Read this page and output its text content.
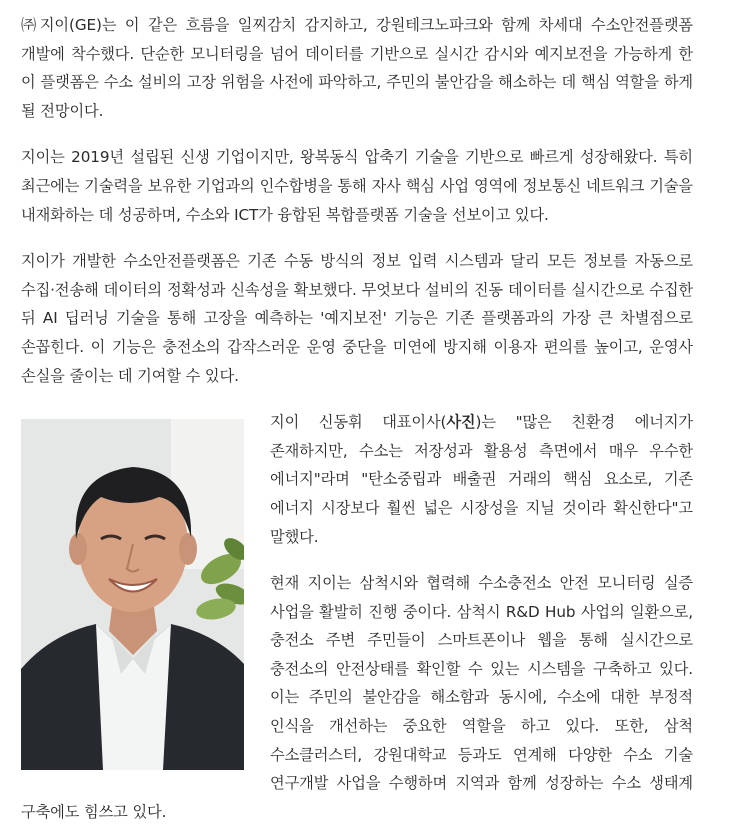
㈜지이(GE)는 이 같은 흐름을 일찌감치 감지하고, 강원테크노파크와 함께 차세대 수소안전플랫폼 개발에 착수했다. 단순한 모니터링을 넘어 데이터를 기반으로 실시간 감시와 예지보전을 가능하게 한 이 플랫폼은 수소 설비의 고장 위험을 사전에 파악하고, 주민의 불안감을 해소하는 데 핵심 역할을 하게 될 전망이다.

지이는 2019년 설립된 신생 기업이지만, 왕복동식 압축기 기술을 기반으로 빠르게 성장해왔다. 특히 최근에는 기술력을 보유한 기업과의 인수합병을 통해 자사 핵심 사업 영역에 정보통신 네트워크 기술을 내재화하는 데 성공하며, 수소와 ICT가 융합된 복합플랫폼 기술을 선보이고 있다.

지이가 개발한 수소안전플랫폼은 기존 수동 방식의 정보 입력 시스템과 달리 모든 정보를 자동으로 수집·전송해 데이터의 정확성과 신속성을 확보했다. 무엇보다 설비의 진동 데이터를 실시간으로 수집한 뒤 AI 딥러닝 기술을 통해 고장을 예측하는 '예지보전' 기능은 기존 플랫폼과의 가장 큰 차별점으로 손꼽힌다. 이 기능은 충전소의 갑작스러운 운영 중단을 미연에 방지해 이용자 편의를 높이고, 운영사 손실을 줄이는 데 기여할 수 있다.

지이 신동휘 대표이사(사진)는 "많은 친환경 에너지가 존재하지만, 수소는 저장성과 활용성 측면에서 매우 우수한 에너지"라며 "탄소중립과 배출권 거래의 핵심 요소로, 기존 에너지 시장보다 훨씬 넓은 시장성을 지닐 것이라 확신한다"고 말했다.

현재 지이는 삼척시와 협력해 수소충전소 안전 모니터링 실증 사업을 활발히 진행 중이다. 삼척시 R&D Hub 사업의 일환으로, 충전소 주변 주민들이 스마트폰이나 웹을 통해 실시간으로 충전소의 안전상태를 확인할 수 있는 시스템을 구축하고 있다. 이는 주민의 불안감을 해소함과 동시에, 수소에 대한 부정적 인식을 개선하는 중요한 역할을 하고 있다. 또한, 삼척 수소클러스터, 강원대학교 등과도 연계해 다양한 수소 기술 연구개발 사업을 수행하며 지역과 함께 성장하는 수소 생태계 구축에도 힘쓰고 있다.
